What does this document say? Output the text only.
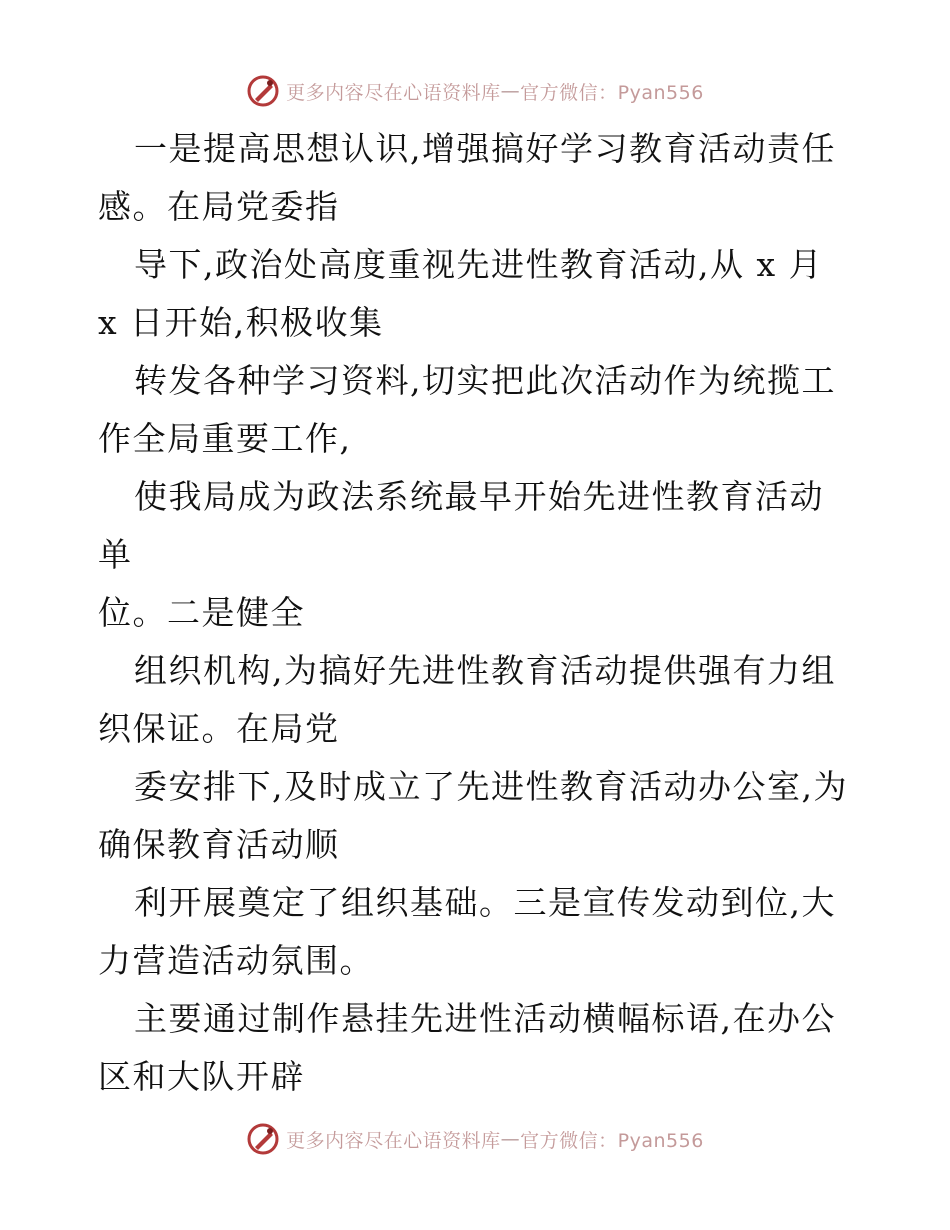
更多内容尽在心语资料库 — 官方微信：Pyan556

一是提高思想认识,增强搞好学习教育活动责任
感。在局党委指

导下,政治处高度重视先进性教育活动,从 x 月
x 日开始,积极收集

转发各种学习资料,切实把此次活动作为统揽工
作全局重要工作,

使我局成为政法系统最早开始先进性教育活动单
位。二是健全

组织机构,为搞好先进性教育活动提供强有力组
织保证。在局党

委安排下,及时成立了先进性教育活动办公室,为
确保教育活动顺

利开展奠定了组织基础。三是宣传发动到位,大
力营造活动氛围。

主要通过制作悬挂先进性活动横幅标语,在办公
区和大队开辟

更多内容尽在心语资料库 — 官方微信：Pyan556
